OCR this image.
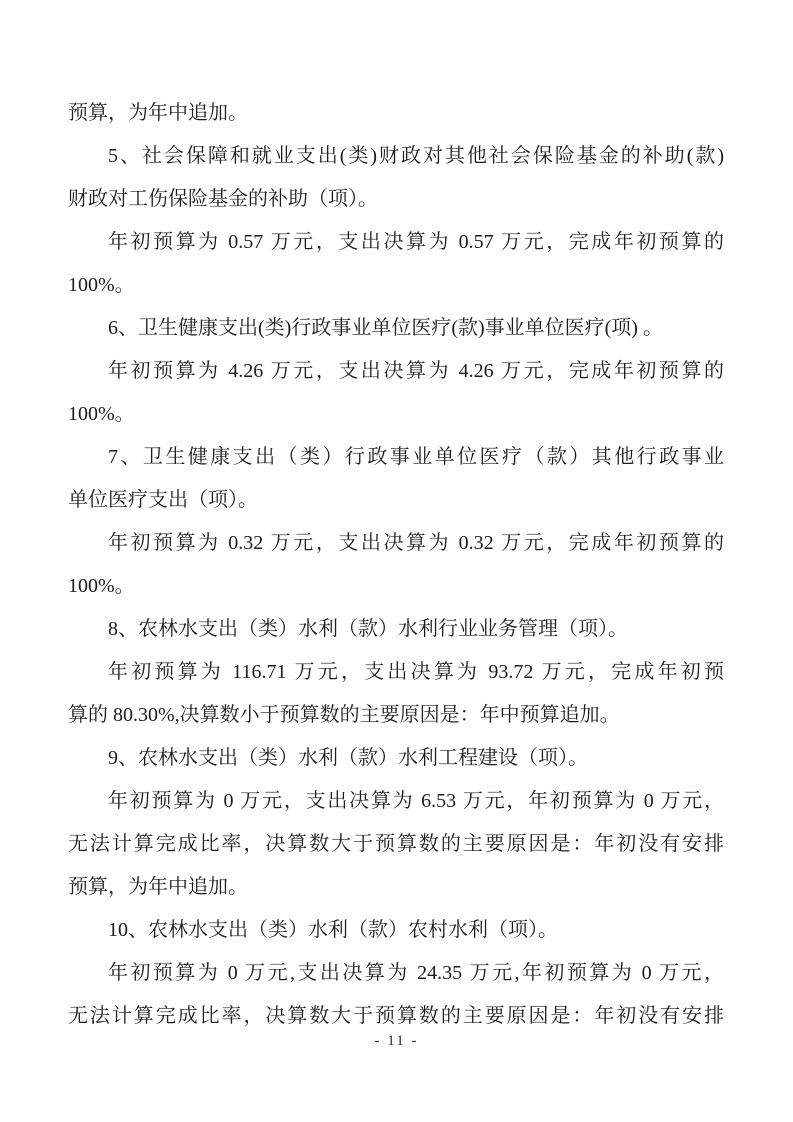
预算，为年中追加。
5、社会保障和就业支出(类)财政对其他社会保险基金的补助(款)
财政对工伤保险基金的补助（项）。
年初预算为 0.57 万元，支出决算为 0.57 万元，完成年初预算的
100%。
6、卫生健康支出(类)行政事业单位医疗(款)事业单位医疗(项) 。
年初预算为 4.26 万元，支出决算为 4.26 万元，完成年初预算的
100%。
7、卫生健康支出（类）行政事业单位医疗（款）其他行政事业
单位医疗支出（项）。
年初预算为 0.32 万元，支出决算为 0.32 万元，完成年初预算的
100%。
8、农林水支出（类）水利（款）水利行业业务管理（项）。
年初预算为 116.71 万元，支出决算为 93.72 万元，完成年初预
算的 80.30%,决算数小于预算数的主要原因是：年中预算追加。
9、农林水支出（类）水利（款）水利工程建设（项）。
年初预算为 0 万元，支出决算为 6.53 万元，年初预算为 0 万元，
无法计算完成比率，决算数大于预算数的主要原因是：年初没有安排
预算，为年中追加。
10、农林水支出（类）水利（款）农村水利（项）。
年初预算为 0 万元,支出决算为 24.35 万元,年初预算为 0 万元，
无法计算完成比率，决算数大于预算数的主要原因是：年初没有安排
- 11 -
